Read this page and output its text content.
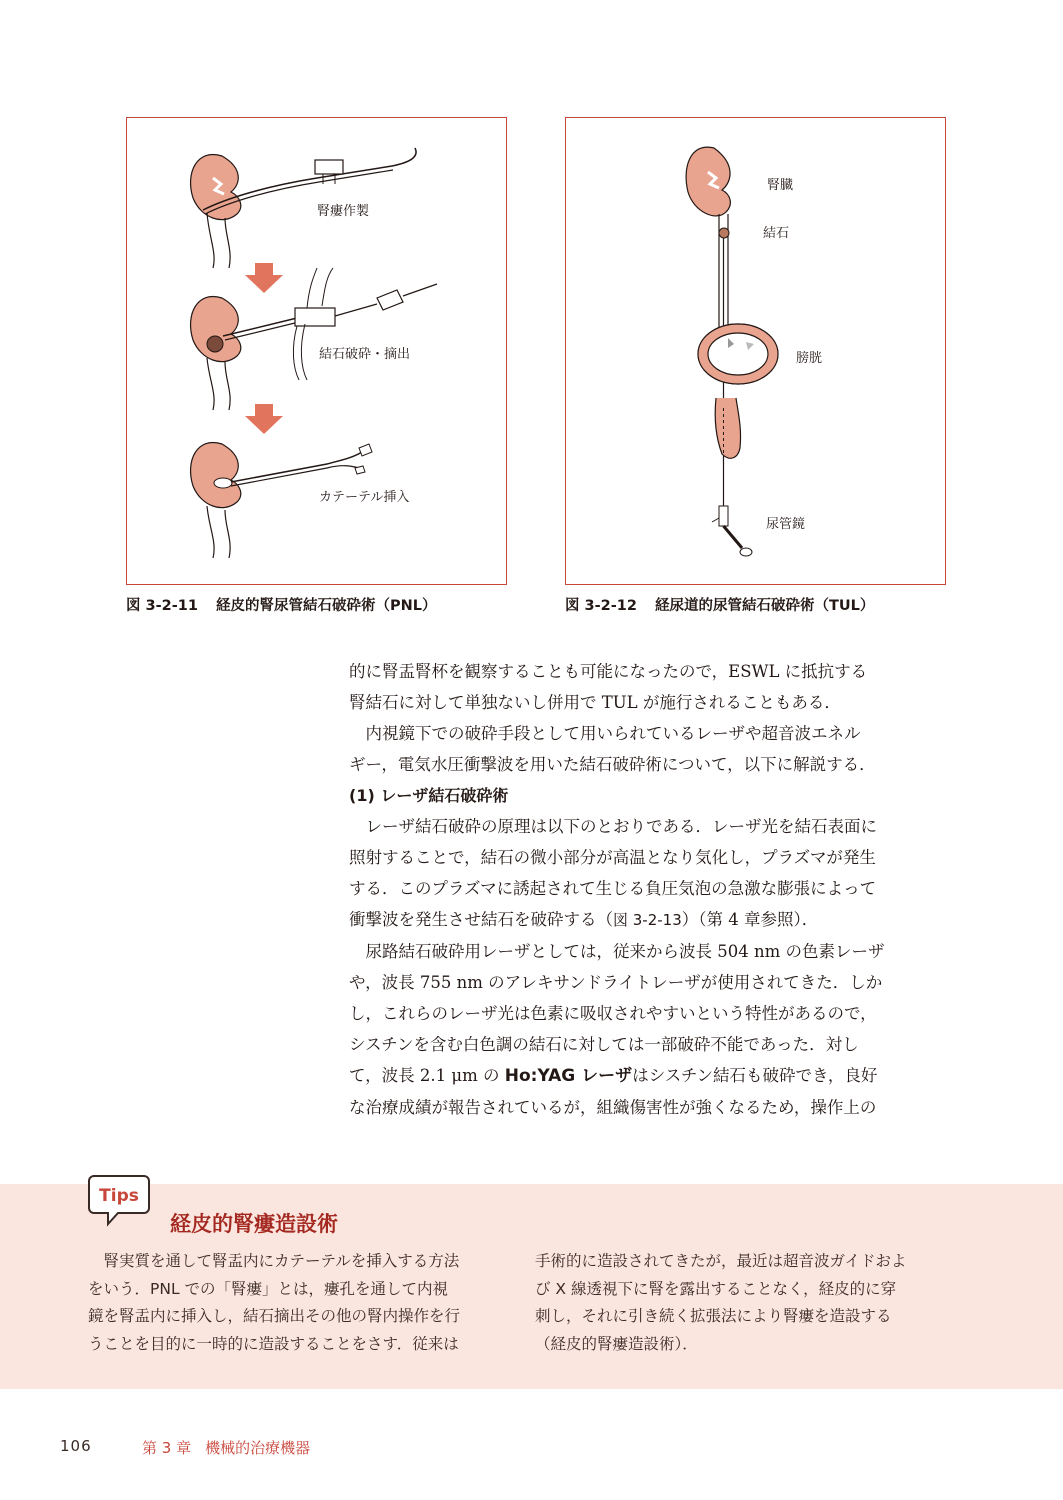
腎瘻作製
結石破砕・摘出
カテーテル挿入
腎臓
結石
膀胱
尿管鏡
図 3-2-11 経皮的腎尿管結石破砕術（PNL）	図 3-2-12 経尿道的尿管結石破砕術（TUL）

的に腎盂腎杯を観察することも可能になったので，ESWL に抵抗する

腎結石に対して単独ないし併用で TUL が施行されることもある．

内視鏡下での破砕手段として用いられているレーザや超音波エネル

ギー，電気水圧衝撃波を用いた結石破砕術について，以下に解説する．

(1) レーザ結石破砕術

レーザ結石破砕の原理は以下のとおりである．レーザ光を結石表面に

照射することで，結石の微小部分が高温となり気化し，プラズマが発生

する．このプラズマに誘起されて生じる負圧気泡の急激な膨張によって

衝撃波を発生させ結石を破砕する（図 3-2-13）（第 4 章参照）．

尿路結石破砕用レーザとしては，従来から波長 504 nm の色素レーザ

や，波長 755 nm のアレキサンドライトレーザが使用されてきた．しか

し，これらのレーザ光は色素に吸収されやすいという特性があるので，

シスチンを含む白色調の結石に対しては一部破砕不能であった．対し

て，波長 2.1 μm の Ho:YAG レーザはシスチン結石も破砕でき，良好

な治療成績が報告されているが，組織傷害性が強くなるため，操作上の

Tips
経皮的腎瘻造設術

腎実質を通して腎盂内にカテーテルを挿入する方法

をいう．PNL での「腎瘻」とは，瘻孔を通して内視

鏡を腎盂内に挿入し，結石摘出その他の腎内操作を行

うことを目的に一時的に造設することをさす．従来は

手術的に造設されてきたが，最近は超音波ガイドおよ

び X 線透視下に腎を露出することなく，経皮的に穿

刺し，それに引き続く拡張法により腎瘻を造設する

（経皮的腎瘻造設術）．

106	第 3 章 機械的治療機器
